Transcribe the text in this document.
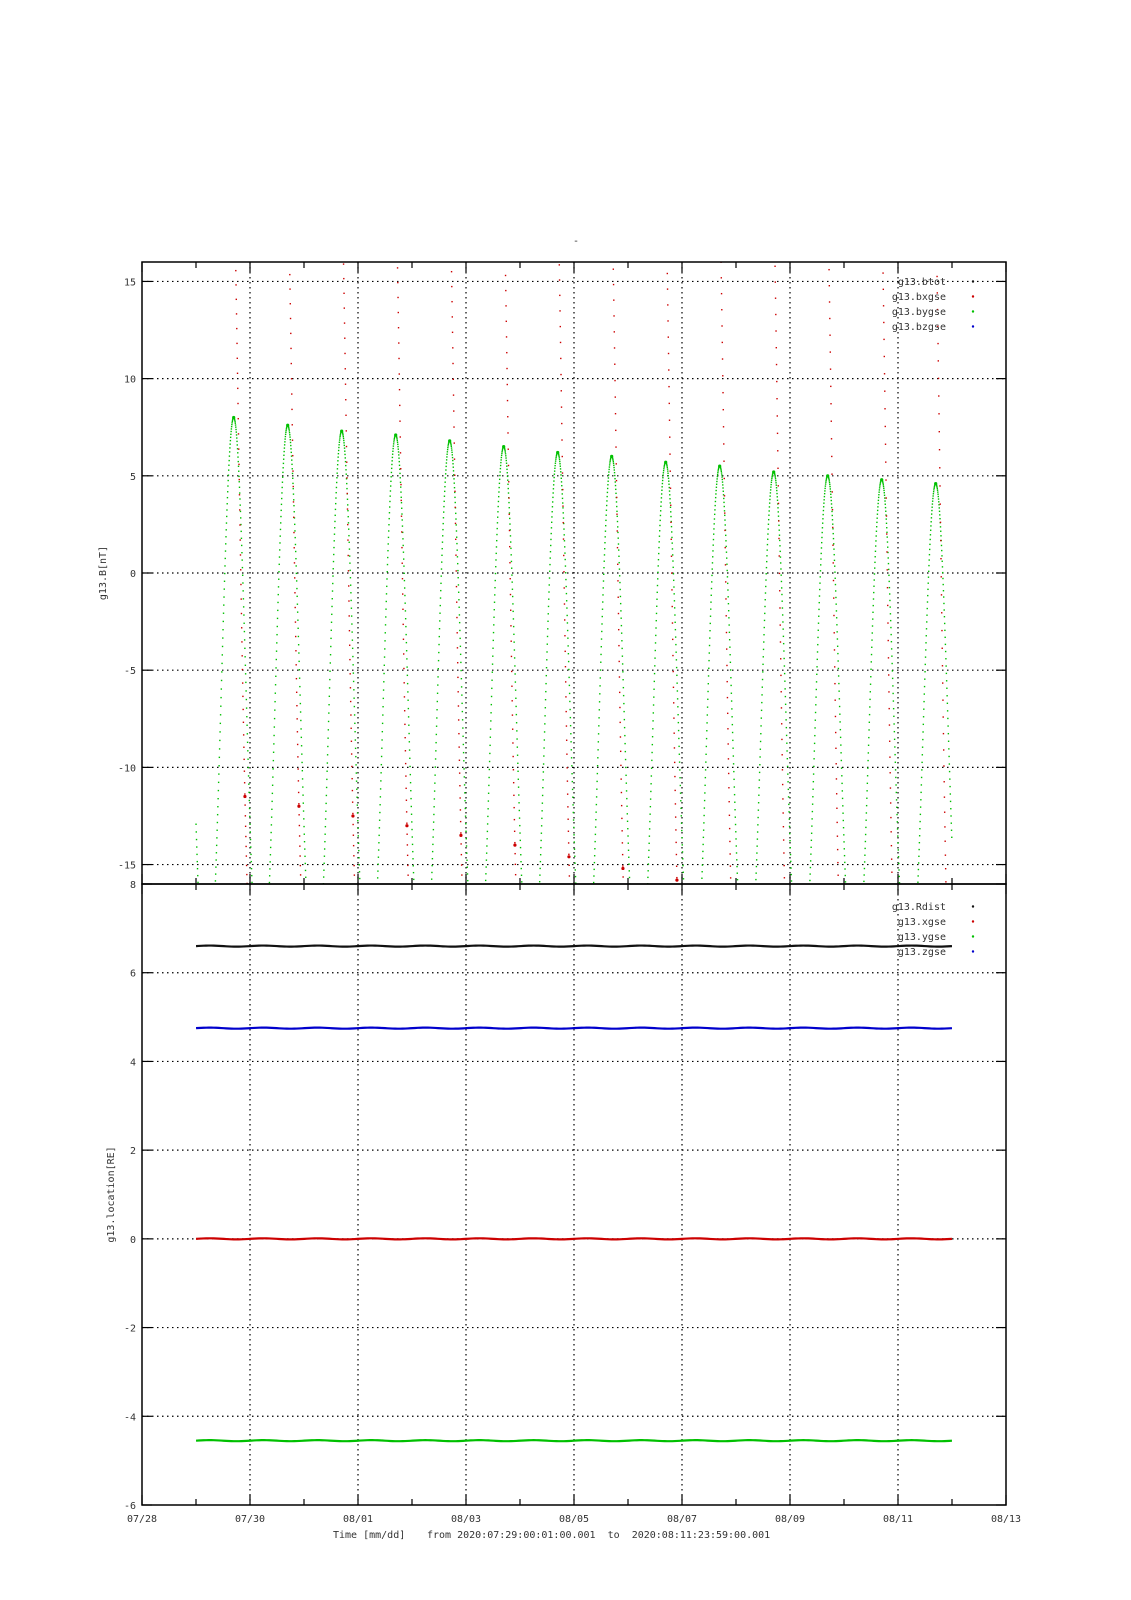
-
15
10
5
0
-5
-10
-15
g13.B[nT]
g13.btot
g13.bxgse
g13.bygse
g13.bzgse
8
6
4
2
0
-2
-4
-6
g13.location[RE]
g13.Rdist
g13.xgse
g13.ygse
g13.zgse
07/28	07/30	08/01	08/03	08/05	08/07	08/09	08/11	08/13
Time [mm/dd] from 2020:07:29:00:01:00.001  to  2020:08:11:23:59:00.001
